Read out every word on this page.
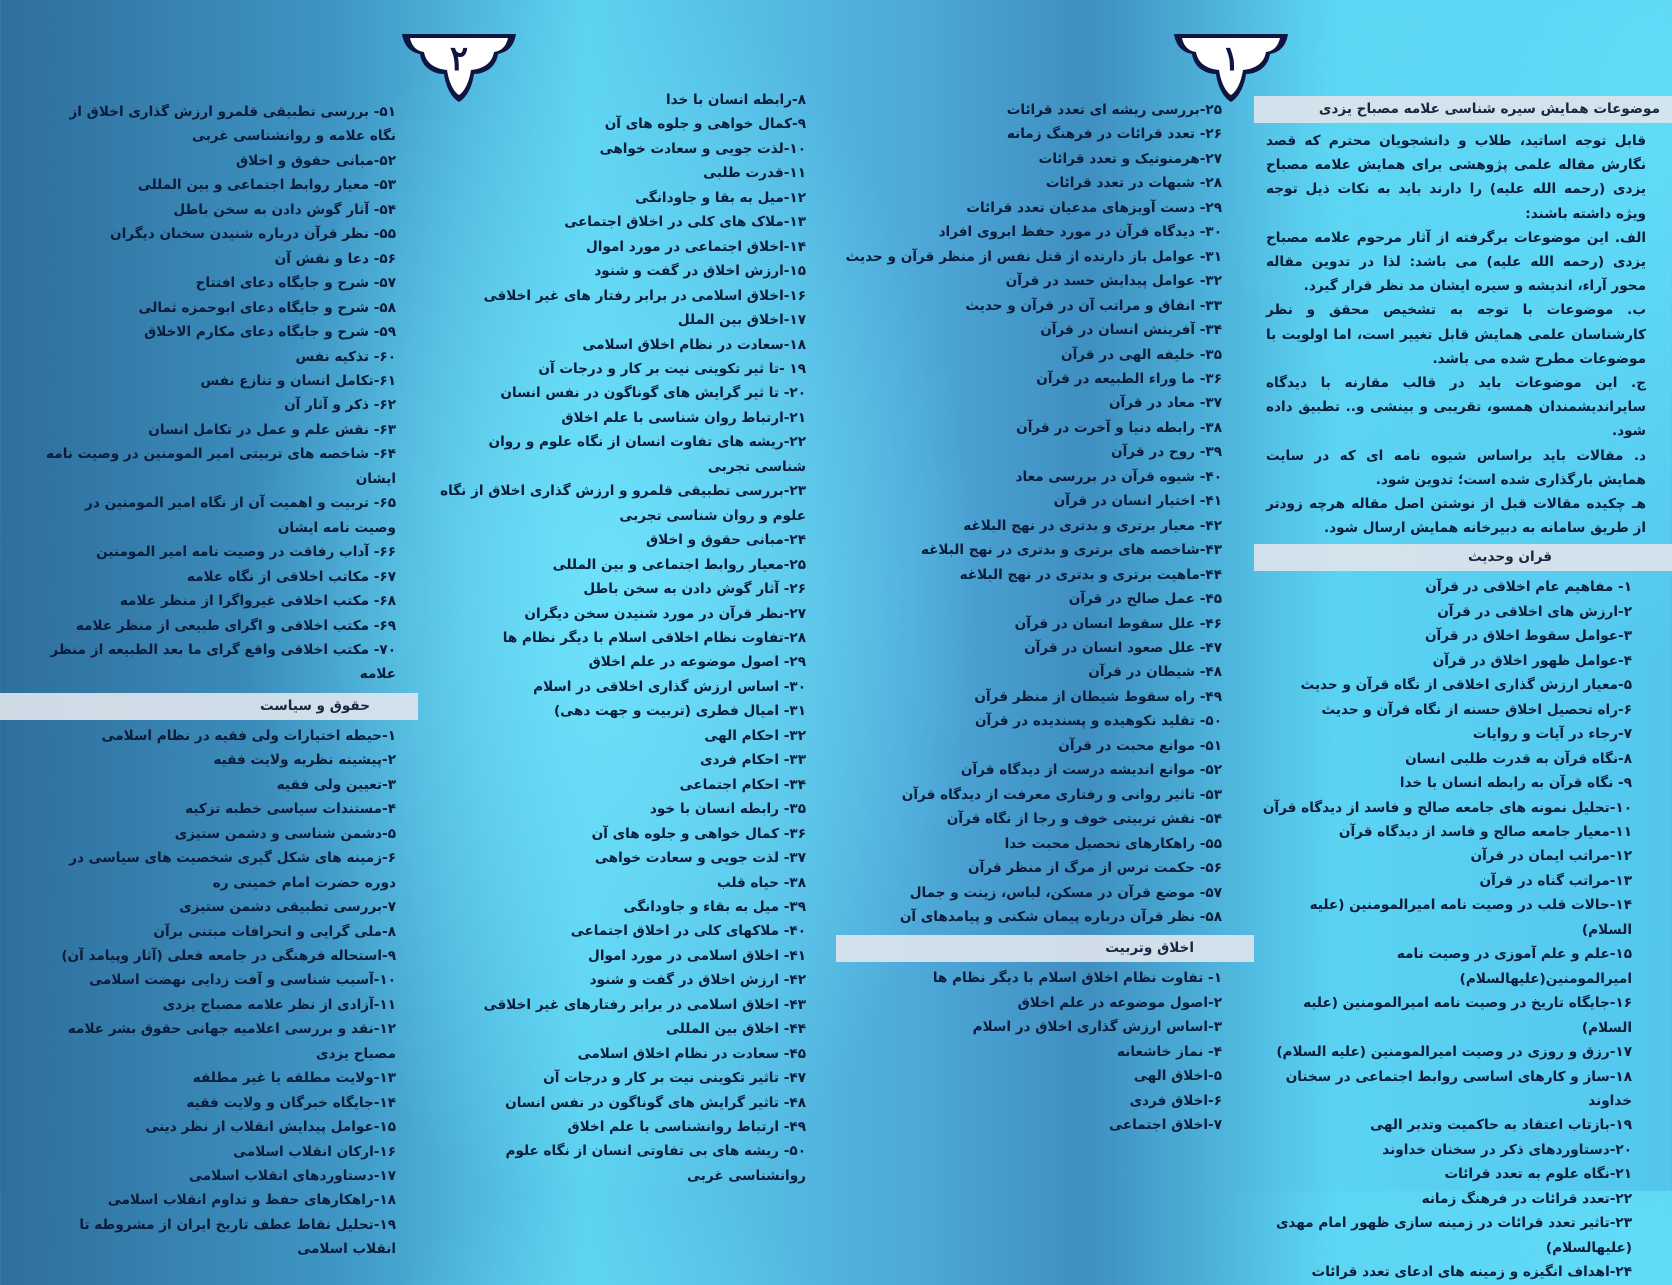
۱
۲
موضوعات همایش سیره شناسی علامه مصباح یزدی

قابل توجه اساتید، طلاب و دانشجویان محترم که قصد نگارش مقاله علمی پژوهشی برای همایش علامه مصباح یزدی (رحمه الله علیه) را دارند باید به نکات ذیل توجه ویژه داشته باشند:

الف. این موضوعات برگرفته از آثار مرحوم علامه مصباح یزدی (رحمه الله علیه) می باشد: لذا در تدوین مقاله محور آراء، اندیشه و سیره ایشان مد نظر قرار گیرد.

ب. موضوعات با توجه به تشخیص محقق و نظر کارشناسان علمی همایش قابل تغییر است، اما اولویت با موضوعات مطرح شده می باشد.

ج. این موضوعات باید در قالب مقارنه با دیدگاه سایراندیشمندان همسو، تقریبی و بینشی و.. تطبیق داده شود.

د. مقالات باید براساس شیوه نامه ای که در سایت همایش بارگذاری شده است؛ تدوین شود.

هـ چکیده مقالات قبل از نوشتن اصل مقاله هرچه زودتر از طریق سامانه به دبیرخانه همایش ارسال شود.

قران وحدیث
۱- مفاهیم عام اخلاقی در قرآن
۲-ارزش های اخلاقی در قرآن
۳-عوامل سقوط اخلاق در قرآن
۴-عوامل ظهور اخلاق در قرآن
۵-معیار ارزش گذاری اخلاقی از نگاه قرآن و حدیث
۶-راه تحصیل اخلاق حسنه از نگاه قرآن و حدیث
۷-رجاء در آیات و روایات
۸-نگاه قرآن به قدرت طلبی انسان
۹- نگاه قرآن به رابطه انسان با خدا
۱۰-تحلیل نمونه های جامعه صالح و فاسد از دیدگاه قرآن
۱۱-معیار جامعه صالح و فاسد از دیدگاه قرآن
۱۲-مراتب ایمان در قرآن
۱۳-مراتب گناه در قرآن
۱۴-حالات قلب در وصیت نامه امیرالمومنین (علیه السلام)
۱۵-علم و علم آموزی در وصیت نامه امیرالمومنین(علیهالسلام)
۱۶-جایگاه تاریخ در وصیت نامه امیرالمومنین (علیه السلام)
۱۷-رزق و روزی در وصیت امیرالمومنین (علیه السلام)
۱۸-ساز و کارهای اساسی روابط اجتماعی در سخنان خداوند
۱۹-بازتاب اعتقاد به حاکمیت وتدبر الهی
۲۰-دستاوردهای ذکر در سخنان خداوند
۲۱-نگاه علوم به تعدد قرائات
۲۲-تعدد قرائات در فرهنگ زمانه
۲۳-تاثیر تعدد قرائات در زمینه سازی ظهور امام مهدی (علیهالسلام)
۲۴-اهداف انگیزه و زمینه های ادعای تعدد قرائات
۲۵-بررسی ریشه ای تعدد قرائات
۲۶- تعدد قرائات در فرهنگ زمانه
۲۷-هرمنوتیک و تعدد قرائات
۲۸- شبهات در تعدد قرائات
۲۹- دست آویزهای مدعیان تعدد قرائات
۳۰- دیدگاه قرآن در مورد حفظ ابروی افراد
۳۱- عوامل باز دارنده از قتل نفس از منظر قرآن و حدیث
۳۲- عوامل پیدایش حسد در قرآن
۳۳- انفاق و مراتب آن در قرآن و حدیث
۳۴- آفرینش انسان در قرآن
۳۵- خلیفه الهی در قرآن
۳۶- ما وراء الطبیعه در قرآن
۳۷- معاد در قرآن
۳۸- رابطه دنیا و آخرت در قرآن
۳۹- روح در قرآن
۴۰- شیوه قرآن در بررسی معاد
۴۱- اختیار انسان در قرآن
۴۲- معیار برتری و بدتری در نهج البلاغه
۴۳-شاخصه های برتری و بدتری در نهج البلاغه
۴۴-ماهیت برتری و بدتری در نهج البلاغه
۴۵- عمل صالح در قرآن
۴۶- علل سقوط انسان در قرآن
۴۷- علل صعود انسان در قرآن
۴۸- شیطان در قرآن
۴۹- راه سقوط شیطان از منظر قرآن
۵۰- تقلید نکوهیده و پسندیده در قرآن
۵۱- موانع محبت در قرآن
۵۲- موانع اندیشه درست از دیدگاه قرآن
۵۳- تاثیر روانی و رفتاری معرفت از دیدگاه قرآن
۵۴- نقش تربیتی خوف و رجا از نگاه قرآن
۵۵- راهکارهای تحصیل محبت خدا
۵۶- حکمت ترس از مرگ از منظر قرآن
۵۷- موضع قرآن در مسکن، لباس، زینت و جمال
۵۸- نظر قرآن درباره پیمان شکنی و پیامدهای آن
اخلاق وتربیت
۱- تفاوت نظام اخلاق اسلام با دیگر نظام ها
۲-اصول موضوعه در علم اخلاق
۳-اساس ارزش گذاری اخلاق در اسلام
۴- نماز خاشعانه
۵-اخلاق الهی
۶-اخلاق فردی
۷-اخلاق اجتماعی
۸-رابطه انسان با خدا
۹-کمال خواهی و جلوه های آن
۱۰-لذت جویی و سعادت خواهی
۱۱-قدرت طلبی
۱۲-میل به بقا و جاودانگی
۱۳-ملاک های کلی در اخلاق اجتماعی
۱۴-اخلاق اجتماعی در مورد اموال
۱۵-ارزش اخلاق در گفت و شنود
۱۶-اخلاق اسلامی در برابر رفتار های غیر اخلاقی
۱۷-اخلاق بین الملل
۱۸-سعادت در نظام اخلاق اسلامی
۱۹ -تا ثیر تکوینی نیت بر کار و درجات آن
۲۰- تا ثیر گرایش های گوناگون در نفس انسان
۲۱-ارتباط روان شناسی با علم اخلاق
۲۲-ریشه های تفاوت انسان از نگاه علوم و روان شناسی تجربی
۲۳-بررسی تطبیقی قلمرو و ارزش گذاری اخلاق از نگاه علوم و روان شناسی تجربی
۲۴-مبانی حقوق و اخلاق
۲۵-معیار روابط اجتماعی و بین المللی
۲۶- آثار گوش دادن به سخن باطل
۲۷-نظر قرآن در مورد شنیدن سخن دیگران
۲۸-تفاوت نظام اخلاقی اسلام با دیگر نظام ها
۲۹- اصول موضوعه در علم اخلاق
۳۰- اساس ارزش گذاری اخلاقی در اسلام
۳۱- امیال فطری (تربیت و جهت دهی)
۳۲- احکام الهی
۳۳- احکام فردی
۳۴- احکام اجتماعی
۳۵- رابطه انسان با خود
۳۶- کمال خواهی و جلوه های آن
۳۷- لذت جویی و سعادت خواهی
۳۸- حیاه قلب
۳۹- میل به بقاء و جاودانگی
۴۰- ملاکهای کلی در اخلاق اجتماعی
۴۱- اخلاق اسلامی در مورد اموال
۴۲- ارزش اخلاق در گفت و شنود
۴۳- اخلاق اسلامی در برابر رفتارهای غیر اخلاقی
۴۴- اخلاق بین المللی
۴۵- سعادت در نظام اخلاق اسلامی
۴۷- تاثیر تکوینی نیت بر کار و درجات آن
۴۸- تاثیر گرایش های گوناگون در نفس انسان
۴۹- ارتباط روانشناسی با علم اخلاق
۵۰- ریشه های بی تفاوتی انسان از نگاه علوم روانشناسی غربی
۵۱- بررسی تطبیقی قلمرو ارزش گذاری اخلاق از نگاه علامه و روانشناسی غربی
۵۲-مبانی حقوق و اخلاق
۵۳- معیار روابط اجتماعی و بین المللی
۵۴- آثار گوش دادن به سخن باطل
۵۵- نظر قرآن درباره شنیدن سخنان دیگران
۵۶- دعا و نقش آن
۵۷- شرح و جایگاه دعای افتتاح
۵۸- شرح و جایگاه دعای ابوحمزه ثمالی
۵۹- شرح و جایگاه دعای مکارم الاخلاق
۶۰- تذکیه نفس
۶۱-تکامل انسان و تنازع نفس
۶۲- ذکر و آثار آن
۶۳- نقش علم و عمل در تکامل انسان
۶۴- شاخصه های تربیتی امیر المومنین در وصیت نامه ایشان
۶۵- تربیت و اهمیت آن از نگاه امیر المومنین در وصیت نامه ایشان
۶۶- آداب رفاقت در وصیت نامه امیر المومنین
۶۷- مکاتب اخلاقی از نگاه علامه
۶۸- مکتب اخلاقی غیرواگرا از منظر علامه
۶۹- مکتب اخلاقی و اگرای طبیعی از منظر علامه
۷۰- مکتب اخلاقی واقع گرای ما بعد الطبیعه از منظر علامه
حقوق و سیاست
۱-حیطه اختیارات ولی فقیه در نظام اسلامی
۲-پیشینه نظریه ولایت فقیه
۳-تعیین ولی فقیه
۴-مستندات سیاسی خطبه تزکیه
۵-دشمن شناسی و دشمن ستیزی
۶-زمینه های شکل گیری شخصیت های سیاسی در دوره حضرت امام خمینی ره
۷-بررسی تطبیقی دشمن ستیزی
۸-ملی گرایی و انحرافات مبتنی برآن
۹-استحاله فرهنگی در جامعه فعلی (آثار وپیامد آن)
۱۰-آسیب شناسی و آفت زدایی نهضت اسلامی
۱۱-آزادی از نظر علامه مصباح یزدی
۱۲-نقد و بررسی اعلامیه جهانی حقوق بشر علامه مصباح یزدی
۱۳-ولایت مطلقه یا غیر مطلقه
۱۴-جایگاه خبرگان و ولایت فقیه
۱۵-عوامل پیدایش انقلاب از نظر دینی
۱۶-ارکان انقلاب اسلامی
۱۷-دستاوردهای انقلاب اسلامی
۱۸-راهکارهای حفظ و تداوم انقلاب اسلامی
۱۹-تحلیل نقاط عطف تاریخ ایران از مشروطه تا انقلاب اسلامی
